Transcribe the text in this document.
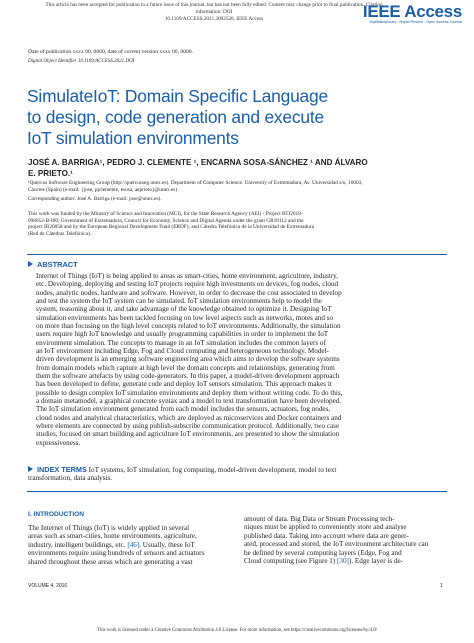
This article has been accepted for publication in a future issue of this journal, but has not been fully edited. Content may change prior to final publication. Citation information: DOI
10.1109/ACCESS.2021.3092528, IEEE Access	IEEE Access
Multidisciplinary : Rapid Review : Open Access Journal
Date of publication xxxx 00, 0000, date of current version xxxx 00, 0000.
Digital Object Identifier 10.1109/ACCESS.2021.DOI
SimulateIoT: Domain Specific Language
to design, code generation and execute
IoT simulation environments
JOSÉ A. BARRIGA¹, PEDRO J. CLEMENTE ¹, ENCARNA SOSA-SÁNCHEZ ¹ AND ÁLVARO
E. PRIETO.¹
¹Quercus Software Engineering Group (http://quercusseg.unex.es). Department of Computer Science. University of Extremadura, Av. Universidad s/n, 10003,
Cáceres (Spain) (e-mail: {jose, pjclemente, esosa, aeprieto}@unex.es)
Corresponding author: José A. Barriga (e-mail: jose@unex.es).
This work was funded by the Ministry of Science and Innovation (MCI), for the State Research Agency (AEI) - Project RTI2018-
098652-B-I00; Government of Extremadura, Council for Economy, Science and Digital Agenda under the grant GR18112 and the
project IB20058 and by the European Regional Development Fund (ERDF); and Cátedra Telefónica de la Universidad de Extremadura
(Red de Cátedras Telefónica).
ABSTRACT
Internet of Things (IoT) is being applied to areas as smart-cities, home environment, agriculture, industry,
etc. Developing, deploying and testing IoT projects require high investments on devices, fog nodes, cloud
nodes, analytic nodes, hardware and software. However, in order to decrease the cost associated to develop
and test the system the IoT system can be simulated. IoT simulation environments help to model the
system, reasoning about it, and take advantage of the knowledge obtained to optimize it. Designing IoT
simulation environments has been tackled focusing on low level aspects such as networks, motes and so
on more than focusing on the high level concepts related to IoT environments. Additionally, the simulation
users require high IoT knowledge and usually programming capabilities in order to implement the IoT
environment simulation. The concepts to manage in an IoT simulation includes the common layers of
an IoT environment including Edge, Fog and Cloud computing and heterogeneous technology. Model-
driven development is an emerging software engineering area which aims to develop the software systems
from domain models which capture at high level the domain concepts and relationships, generating from
them the software artefacts by using code-generators. In this paper, a model-driven development approach
has been developed to define, generate code and deploy IoT sensors simulation. This approach makes it
possible to design complex IoT simulation environments and deploy them without writing code. To do this,
a domain metamodel, a graphical concrete syntax and a model to text transformation have been developed.
The IoT simulation environment generated from each model includes the sensors, actuators, fog nodes,
cloud nodes and analytical characteristics, which are deployed as microservices and Docker containers and
where elements are connected by using publish-subscribe communication protocol. Additionally, two case
studies, focused on smart building and agriculture IoT environments, are presented to show the simulation
expressiveness.
INDEX TERMS IoT systems, IoT simulation, fog computing, model-driven development, model to text
transformation, data analysis.
I. INTRODUCTION
The Internet of Things (IoT) is widely applied in several
areas such as smart-cities, home environments, agriculture,
industry, intelligent buildings, etc. [46]. Usually, these IoT
environments require using hundreds of sensors and actuators
shared throughout these areas which are generating a vast
amount of data. Big Data or Stream Processing tech-
niques must be applied to conveniently store and analyse
published data. Taking into account where data are gener-
ated, processed and stored, the IoT environment architecture can
be defined by several computing layers (Edge, Fog and
Cloud computing (see Figure 1) [30]). Edge layer is de-
VOLUME 4, 2016	1
This work is licensed under a Creative Commons Attribution 4.0 License. For more information, see https://creativecommons.org/licenses/by/4.0/
